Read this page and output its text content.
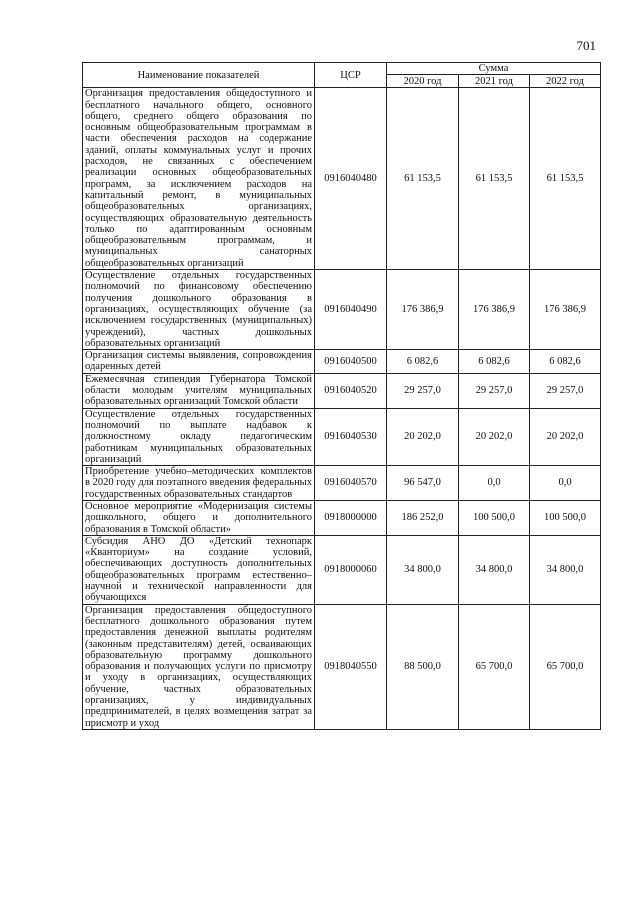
701
Наименование показателей	ЦСР	Сумма		
		2020 год	2021 год	2022 год
Организация предоставления общедоступного и бесплатного начального общего, основного общего, среднего общего образования по основным общеобразовательным программам в части обеспечения расходов на содержание зданий, оплаты коммунальных услуг и прочих расходов, не связанных с обеспечением реализации основных общеобразовательных программ, за исключением расходов на капитальный ремонт, в муниципальных общеобразовательных организациях, осуществляющих образовательную деятельность только по адаптированным основным общеобразовательным программам, и муниципальных санаторных общеобразовательных организаций	0916040480	61 153,5	61 153,5	61 153,5
Осуществление отдельных государственных полномочий по финансовому обеспечению получения дошкольного образования в организациях, осуществляющих обучение (за исключением государственных (муниципальных) учреждений), частных дошкольных образовательных организаций	0916040490	176 386,9	176 386,9	176 386,9
Организация системы выявления, сопровождения одаренных детей	0916040500	6 082,6	6 082,6	6 082,6
Ежемесячная стипендия Губернатора Томской области молодым учителям муниципальных образовательных организаций Томской области	0916040520	29 257,0	29 257,0	29 257,0
Осуществление отдельных государственных полномочий по выплате надбавок к должностному окладу педагогическим работникам муниципальных образовательных организаций	0916040530	20 202,0	20 202,0	20 202,0
Приобретение учебно–методических комплектов в 2020 году для поэтапного введения федеральных государственных образовательных стандартов	0916040570	96 547,0	0,0	0,0
Основное мероприятие «Модернизация системы дошкольного, общего и дополнительного образования в Томской области»	0918000000	186 252,0	100 500,0	100 500,0
Субсидия АНО ДО «Детский технопарк «Кванториум» на создание условий, обеспечивающих доступность дополнительных общеобразовательных программ естественно–научной и технической направленности для обучающихся	0918000060	34 800,0	34 800,0	34 800,0
Организация предоставления общедоступного бесплатного дошкольного образования путем предоставления денежной выплаты родителям (законным представителям) детей, осваивающих образовательную программу дошкольного образования и получающих услуги по присмотру и уходу в организациях, осуществляющих обучение, частных образовательных организациях, у индивидуальных предпринимателей, в целях возмещения затрат за присмотр и уход	0918040550	88 500,0	65 700,0	65 700,0
